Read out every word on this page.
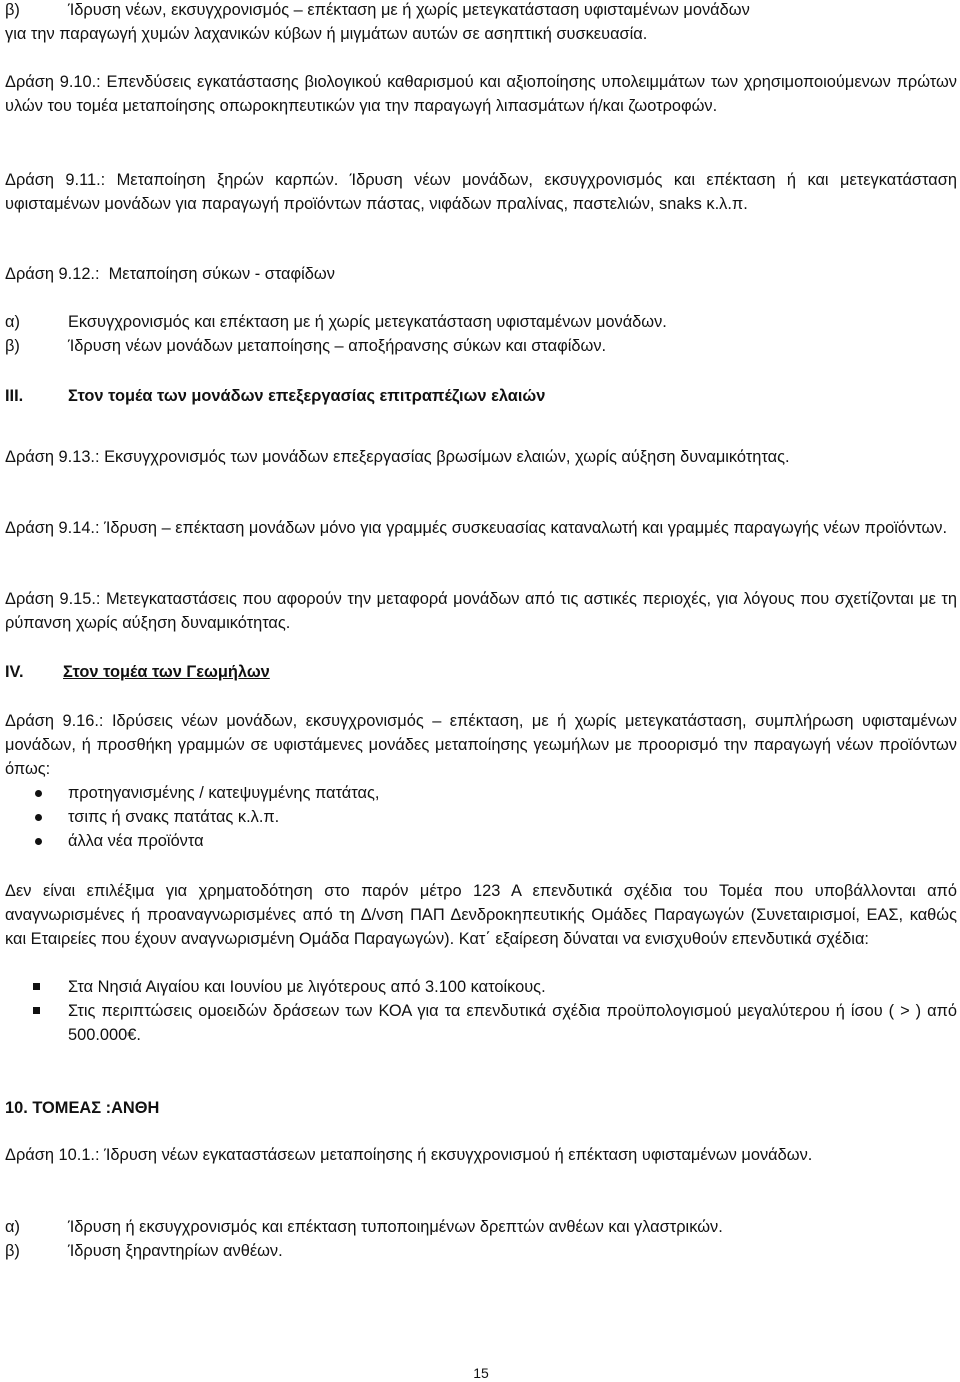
β)	Ίδρυση νέων, εκσυγχρονισμός – επέκταση με ή χωρίς μετεγκατάσταση υφισταμένων μονάδων
για την παραγωγή χυμών λαχανικών κύβων ή μιγμάτων αυτών σε ασηπτική συσκευασία.

Δράση 9.10.: Επενδύσεις εγκατάστασης βιολογικού καθαρισμού και αξιοποίησης υπολειμμάτων των χρησιμοποιούμενων πρώτων υλών του τομέα μεταποίησης οπωροκηπευτικών για την παραγωγή λιπασμάτων ή/και ζωοτροφών.

Δράση 9.11.: Μεταποίηση ξηρών καρπών. Ίδρυση νέων μονάδων, εκσυγχρονισμός και επέκταση ή και μετεγκατάσταση υφισταμένων μονάδων για παραγωγή προϊόντων πάστας, νιφάδων πραλίνας, παστελιών, snaks κ.λ.π.

Δράση 9.12.: Μεταποίηση σύκων - σταφίδων
α)	Εκσυγχρονισμός και επέκταση με ή χωρίς μετεγκατάσταση υφισταμένων μονάδων.
β)	Ίδρυση νέων μονάδων μεταποίησης – αποξήρανσης σύκων και σταφίδων.
ΙΙΙ.	Στον τομέα των μονάδων επεξεργασίας επιτραπέζιων ελαιών

Δράση 9.13.: Εκσυγχρονισμός των μονάδων επεξεργασίας βρωσίμων ελαιών, χωρίς αύξηση δυναμικότητας.

Δράση 9.14.: Ίδρυση – επέκταση μονάδων μόνο για γραμμές συσκευασίας καταναλωτή και γραμμές παραγωγής νέων προϊόντων.

Δράση 9.15.: Μετεγκαταστάσεις που αφορούν την μεταφορά μονάδων από τις αστικές περιοχές, για λόγους που σχετίζονται με τη ρύπανση χωρίς αύξηση δυναμικότητας.

IV.	Στον τομέα των Γεωμήλων

Δράση 9.16.: Ιδρύσεις νέων μονάδων, εκσυγχρονισμός – επέκταση, με ή χωρίς μετεγκατάσταση, συμπλήρωση υφισταμένων μονάδων, ή προσθήκη γραμμών σε υφιστάμενες μονάδες μεταποίησης γεωμήλων με προορισμό την παραγωγή νέων προϊόντων όπως:

προτηγανισμένης / κατεψυγμένης πατάτας,
τσιπς ή σνακς πατάτας κ.λ.π.
άλλα νέα προϊόντα

Δεν είναι επιλέξιμα για χρηματοδότηση στο παρόν μέτρο 123 Α επενδυτικά σχέδια του Τομέα που υποβάλλονται από αναγνωρισμένες ή προαναγνωρισμένες από τη Δ/νση ΠΑΠ Δενδροκηπευτικής Ομάδες Παραγωγών (Συνεταιρισμοί, ΕΑΣ, καθώς και Εταιρείες που έχουν αναγνωρισμένη Ομάδα Παραγωγών). Κατ΄ εξαίρεση δύναται να ενισχυθούν επενδυτικά σχέδια:

Στα Νησιά Αιγαίου και Ιουνίου με λιγότερους από 3.100 κατοίκους.
Στις περιπτώσεις ομοειδών δράσεων των ΚΟΑ για τα επενδυτικά σχέδια προϋπολογισμού μεγαλύτερου ή ίσου ( > ) από 500.000€.
10. ΤΟΜΕΑΣ :ΑΝΘΗ

Δράση 10.1.: Ίδρυση νέων εγκαταστάσεων μεταποίησης ή εκσυγχρονισμού ή επέκταση υφισταμένων μονάδων.

α)	Ίδρυση ή εκσυγχρονισμός και επέκταση τυποποιημένων δρεπτών ανθέων και γλαστρικών.
β)	Ίδρυση ξηραντηρίων ανθέων.
15
